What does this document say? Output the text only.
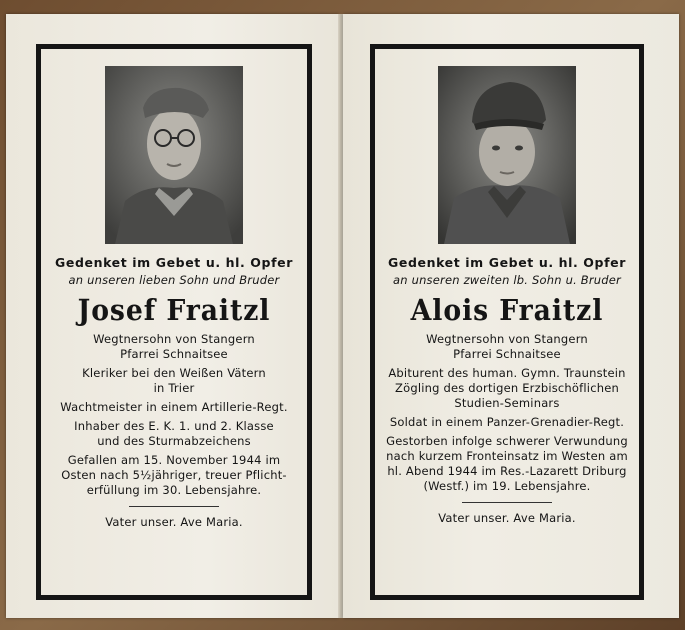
Gedenket im Gebet u. hl. Opfer
an unseren lieben Sohn und Bruder
Josef Fraitzl
Wegtnersohn von Stangern
Pfarrei Schnaitsee
Kleriker bei den Weißen Vätern
in Trier
Wachtmeister in einem Artillerie-Regt.
Inhaber des E. K. 1. und 2. Klasse
und des Sturmabzeichens
Gefallen am 15. November 1944 im
Osten nach 5½jähriger, treuer Pflicht-
erfüllung im 30. Lebensjahre.
Vater unser. Ave Maria.
Gedenket im Gebet u. hl. Opfer
an unseren zweiten lb. Sohn u. Bruder
Alois Fraitzl
Wegtnersohn von Stangern
Pfarrei Schnaitsee
Abiturent des human. Gymn. Traunstein
Zögling des dortigen Erzbischöflichen
Studien-Seminars
Soldat in einem Panzer-Grenadier-Regt.
Gestorben infolge schwerer Verwundung
nach kurzem Fronteinsatz im Westen am
hl. Abend 1944 im Res.-Lazarett Driburg
(Westf.) im 19. Lebensjahre.
Vater unser. Ave Maria.
